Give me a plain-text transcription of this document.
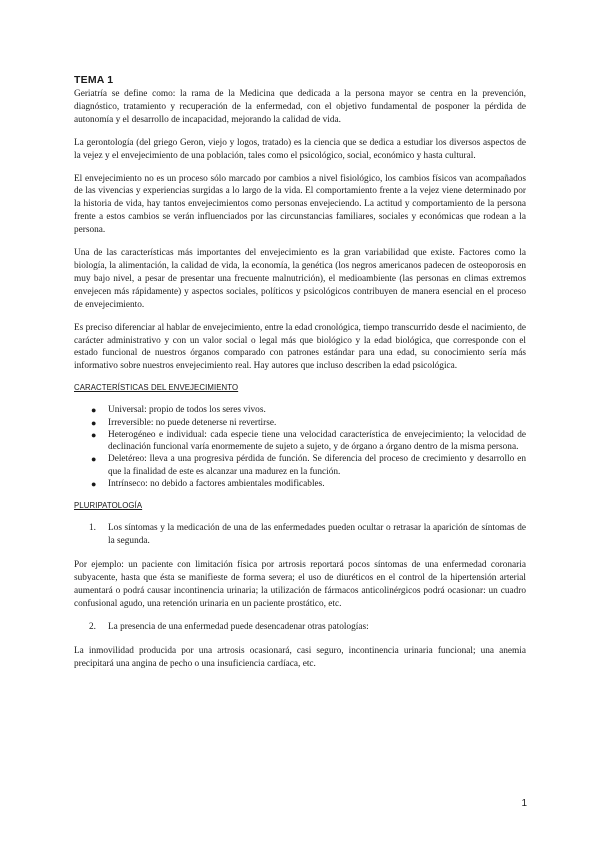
TEMA 1

Geriatría se define como: la rama de la Medicina que dedicada a la persona mayor se centra en la prevención, diagnóstico, tratamiento y recuperación de la enfermedad, con el objetivo fundamental de posponer la pérdida de autonomía y el desarrollo de incapacidad, mejorando la calidad de vida.

La gerontología (del griego Geron, viejo y logos, tratado) es la ciencia que se dedica a estudiar los diversos aspectos de la vejez y el envejecimiento de una población, tales como el psicológico, social, económico y hasta cultural.

El envejecimiento no es un proceso sólo marcado por cambios a nivel fisiológico, los cambios físicos van acompañados de las vivencias y experiencias surgidas a lo largo de la vida. El comportamiento frente a la vejez viene determinado por la historia de vida, hay tantos envejecimientos como personas envejeciendo. La actitud y comportamiento de la persona frente a estos cambios se verán influenciados por las circunstancias familiares, sociales y económicas que rodean a la persona.

Una de las características más importantes del envejecimiento es la gran variabilidad que existe. Factores como la biología, la alimentación, la calidad de vida, la economía, la genética (los negros americanos padecen de osteoporosis en muy bajo nivel, a pesar de presentar una frecuente malnutrición), el medioambiente (las personas en climas extremos envejecen más rápidamente) y aspectos sociales, políticos y psicológicos contribuyen de manera esencial en el proceso de envejecimiento.

Es preciso diferenciar al hablar de envejecimiento, entre la edad cronológica, tiempo transcurrido desde el nacimiento, de carácter administrativo y con un valor social o legal más que biológico y la edad biológica, que corresponde con el estado funcional de nuestros órganos comparado con patrones estándar para una edad, su conocimiento sería más informativo sobre nuestros envejecimiento real. Hay autores que incluso describen la edad psicológica.

CARACTERÍSTICAS DEL ENVEJECIMIENTO
● Universal: propio de todos los seres vivos.
● Irreversible: no puede detenerse ni revertirse.
● Heterogéneo e individual: cada especie tiene una velocidad característica de envejecimiento; la velocidad de declinación funcional varía enormemente de sujeto a sujeto, y de órgano a órgano dentro de la misma persona.
● Deletéreo: lleva a una progresiva pérdida de función. Se diferencia del proceso de crecimiento y desarrollo en que la finalidad de este es alcanzar una madurez en la función.
● Intrínseco: no debido a factores ambientales modificables.
PLURIPATOLOGÍA
1. Los síntomas y la medicación de una de las enfermedades pueden ocultar o retrasar la aparición de síntomas de la segunda.

Por ejemplo: un paciente con limitación física por artrosis reportará pocos síntomas de una enfermedad coronaria subyacente, hasta que ésta se manifieste de forma severa; el uso de diuréticos en el control de la hipertensión arterial aumentará o podrá causar incontinencia urinaria; la utilización de fármacos anticolinérgicos podrá ocasionar: un cuadro confusional agudo, una retención urinaria en un paciente prostático, etc.

2. La presencia de una enfermedad puede desencadenar otras patologías:

La inmovilidad producida por una artrosis ocasionará, casi seguro, incontinencia urinaria funcional; una anemia precipitará una angina de pecho o una insuficiencia cardíaca, etc.

1
